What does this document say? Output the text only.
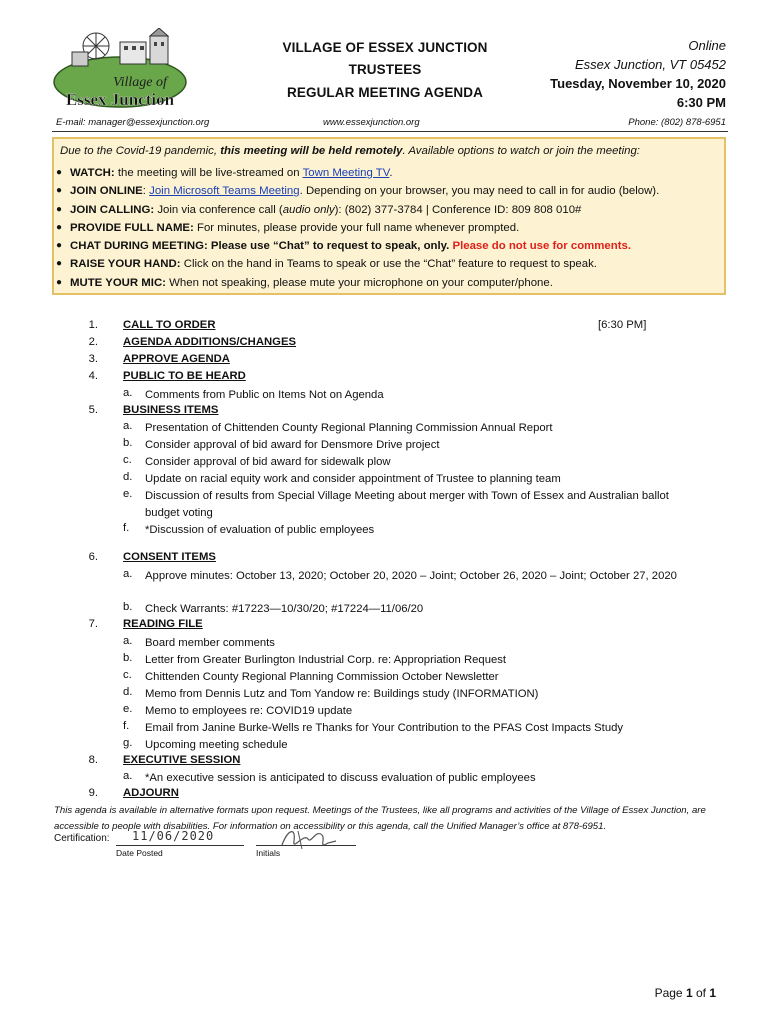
Village of
Essex Junction
VILLAGE OF ESSEX JUNCTION
TRUSTEES
REGULAR MEETING AGENDA
Online
Essex Junction, VT 05452
Tuesday, November 10, 2020
6:30 PM
E-mail: manager@essexjunction.org	www.essexjunction.org	Phone: (802) 878-6951
Due to the Covid-19 pandemic, this meeting will be held remotely. Available options to watch or join the meeting:
● WATCH: the meeting will be live-streamed on Town Meeting TV.
● JOIN ONLINE: Join Microsoft Teams Meeting. Depending on your browser, you may need to call in for audio (below).
● JOIN CALLING: Join via conference call (audio only): (802) 377-3784 | Conference ID: 809 808 010#
● PROVIDE FULL NAME: For minutes, please provide your full name whenever prompted.
● CHAT DURING MEETING: Please use “Chat” to request to speak, only. Please do not use for comments.
● RAISE YOUR HAND: Click on the hand in Teams to speak or use the “Chat” feature to request to speak.
● MUTE YOUR MIC: When not speaking, please mute your microphone on your computer/phone.
[6:30 PM]
1. CALL TO ORDER
2. AGENDA ADDITIONS/CHANGES
3. APPROVE AGENDA
4. PUBLIC TO BE HEARD
a.	Comments from Public on Items Not on Agenda
5. BUSINESS ITEMS
a.	Presentation of Chittenden County Regional Planning Commission Annual Report
b.	Consider approval of bid award for Densmore Drive project
c.	Consider approval of bid award for sidewalk plow
d.	Update on racial equity work and consider appointment of Trustee to planning team
e.	Discussion of results from Special Village Meeting about merger with Town of Essex and Australian ballot budget voting
f.	*Discussion of evaluation of public employees
6. CONSENT ITEMS
a.	Approve minutes: October 13, 2020; October 20, 2020 – Joint; October 26, 2020 – Joint; October 27, 2020
b.	Check Warrants: #17223—10/30/20; #17224—11/06/20
7. READING FILE
a.	Board member comments
b.	Letter from Greater Burlington Industrial Corp. re: Appropriation Request
c.	Chittenden County Regional Planning Commission October Newsletter
d.	Memo from Dennis Lutz and Tom Yandow re: Buildings study (INFORMATION)
e.	Memo to employees re: COVID19 update
f.	Email from Janine Burke-Wells re Thanks for Your Contribution to the PFAS Cost Impacts Study
g.	Upcoming meeting schedule
8. EXECUTIVE SESSION
a.	*An executive session is anticipated to discuss evaluation of public employees
9. ADJOURN
This agenda is available in alternative formats upon request. Meetings of the Trustees, like all programs and activities of the Village of Essex Junction, are accessible to people with disabilities. For information on accessibility or this agenda, call the Unified Manager’s office at 878-6951.
Certification: 11/06/2020
Date Posted	Initials
Page 1 of 1
